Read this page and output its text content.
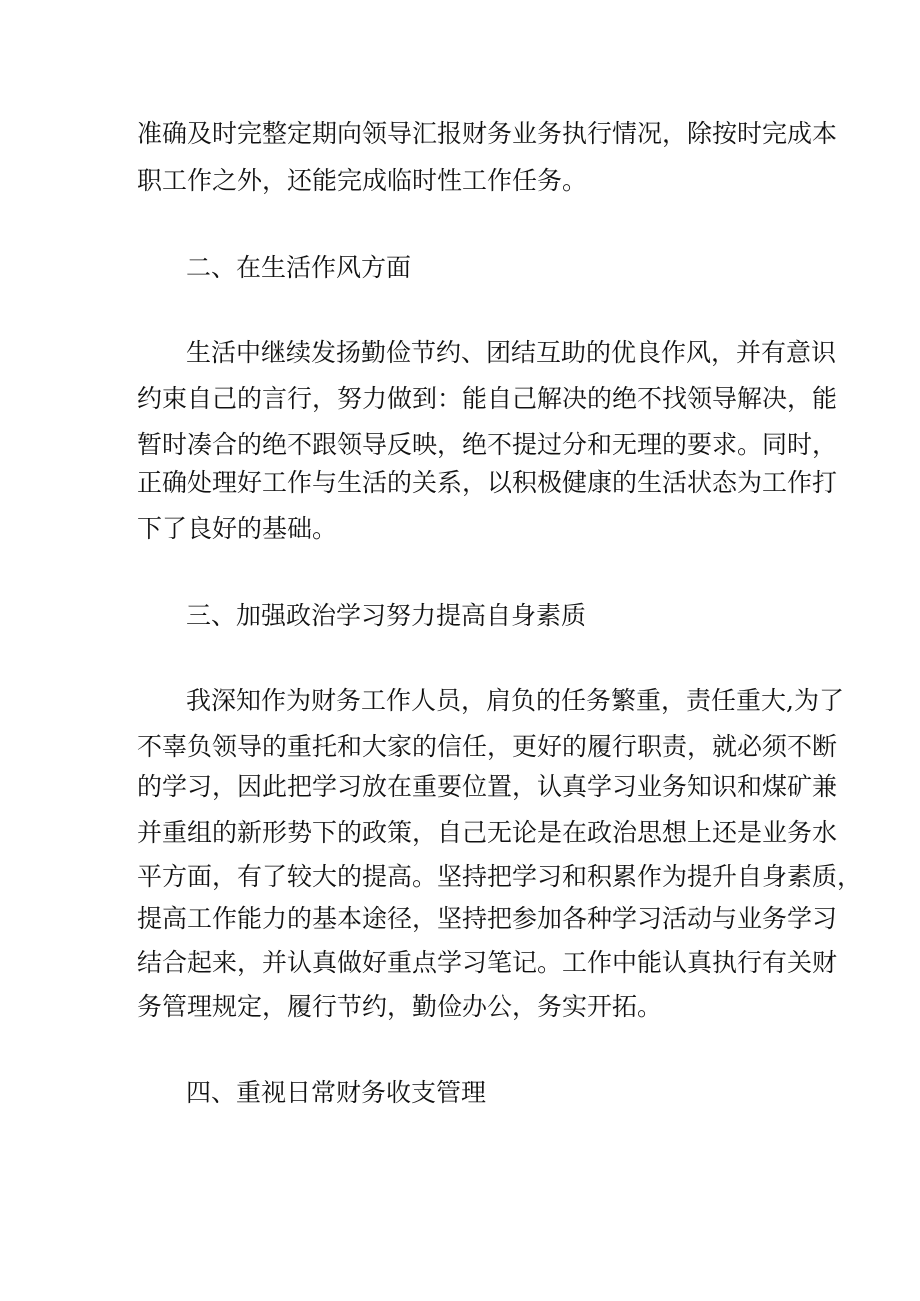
准确及时完整定期向领导汇报财务业务执行情况，除按时完成本

职工作之外，还能完成临时性工作任务。

二、在生活作风方面

生活中继续发扬勤俭节约、团结互助的优良作风，并有意识

约束自己的言行，努力做到：能自己解决的绝不找领导解决，能

暂时凑合的绝不跟领导反映，绝不提过分和无理的要求。同时，

正确处理好工作与生活的关系，以积极健康的生活状态为工作打

下了良好的基础。

三、加强政治学习努力提高自身素质

我深知作为财务工作人员，肩负的任务繁重，责任重大,为了

不辜负领导的重托和大家的信任，更好的履行职责，就必须不断

的学习，因此把学习放在重要位置，认真学习业务知识和煤矿兼

并重组的新形势下的政策，自己无论是在政治思想上还是业务水

平方面，有了较大的提高。坚持把学习和积累作为提升自身素质，

提高工作能力的基本途径，坚持把参加各种学习活动与业务学习

结合起来，并认真做好重点学习笔记。工作中能认真执行有关财

务管理规定，履行节约，勤俭办公，务实开拓。

四、重视日常财务收支管理
